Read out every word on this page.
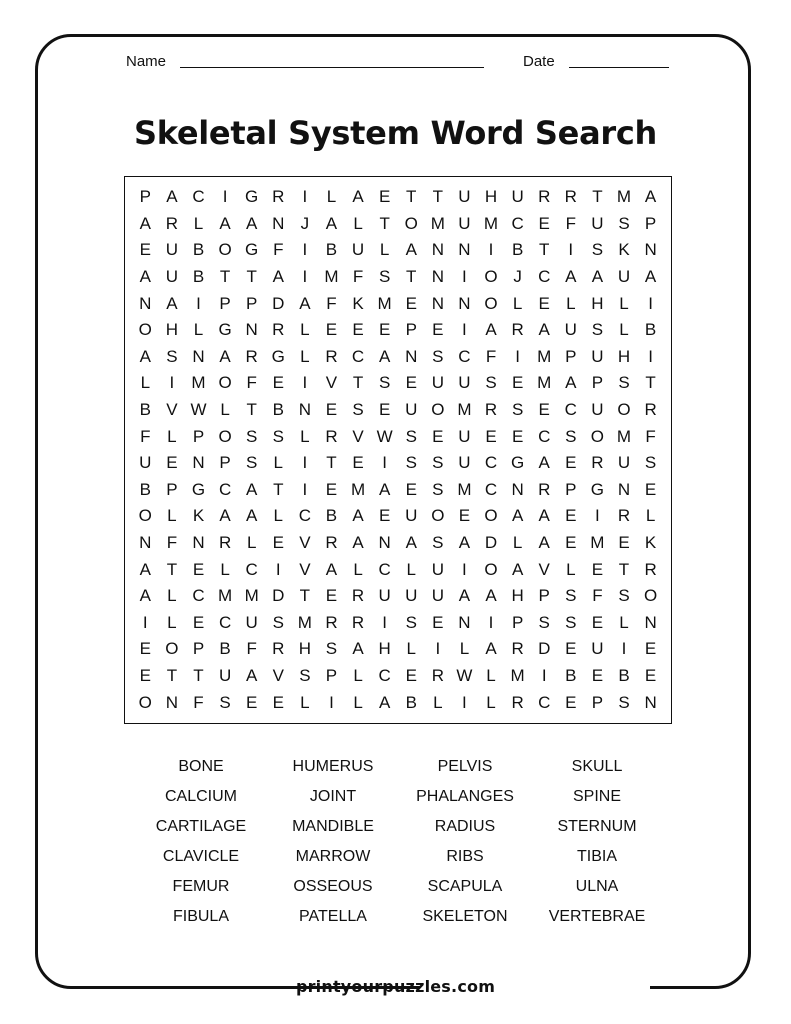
Name	Date
Skeletal System Word Search
P A C	I	G R	I	L A E T T U H U R R T M A
A R L A A N J A L T O M U M C E F U S P
E U B O G F	I	B U L A N N	I	B T	I	S K N
A U B T T A	I	M F S T N	I	O J C A A U A
N A	I	P P D A F K M E N N O L E L H L	I
O H L G N R L E E E P E	I	A R A U S L B
A S N A R G L R C A N S C F	I	M P U H	I
L	I	M O F E	I	V T S E U U S E M A P S T
B V W L T B N E S E U O M R S E C U O R
F L P O S S L R V W S E U E E C S O M F
U E N P S L	I	T E	I	S S U C G A E R U S
B P G C A T	I	E M A E S M C N R P G N E
O L K A A L C B A E U O E O A A E	I	R L
N F N R L E V R A N A S A D L A E M E K
A T E L C	I	V A L C L U	I	O A V L E T R
A L C M M D T E R U U U A A H P S F S O
I	L E C U S M R R	I	S E N	I	P S S E L N
E O P B F R H S A H L	I	L A R D E U	I	E
E T T U A V S P L C E R W L M	I	B E B E
O N F S E E L	I	L A B L	I	L R C E P S N
BONE	HUMERUS	PELVIS	SKULL
CALCIUM	JOINT	PHALANGES	SPINE
CARTILAGE	MANDIBLE	RADIUS	STERNUM
CLAVICLE	MARROW	RIBS	TIBIA
FEMUR	OSSEOUS	SCAPULA	ULNA
FIBULA	PATELLA	SKELETON	VERTEBRAE
printyourpuzzles.com
